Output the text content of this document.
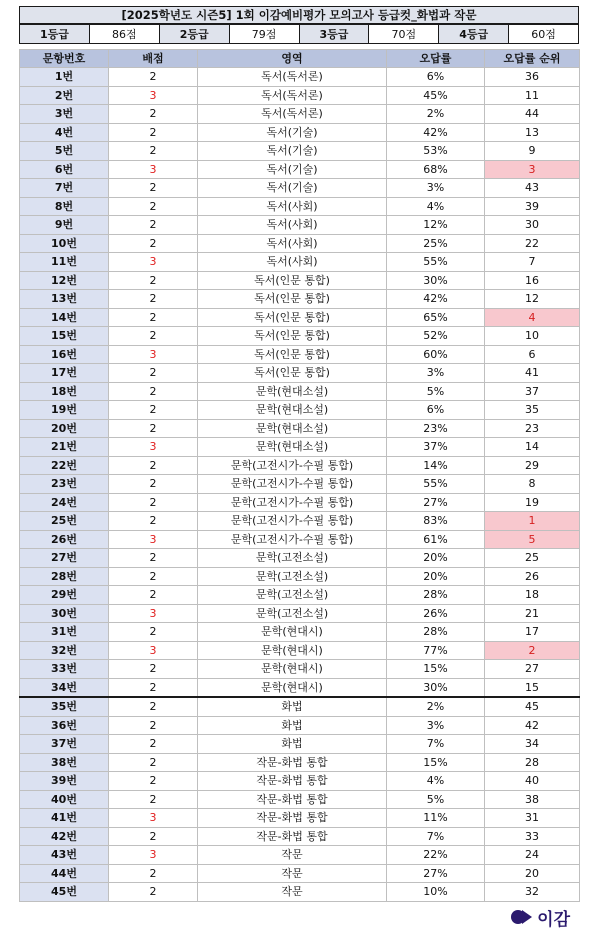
[2025학년도 시즌5] 1회 이감예비평가 모의고사 등급컷_화법과 작문
1등급	86점	2등급	79점	3등급	70점	4등급	60점
문항번호	배점	영역	오답률	오답률 순위
1번	2	독서(독서론)	6%	36
2번	3	독서(독서론)	45%	11
3번	2	독서(독서론)	2%	44
4번	2	독서(기술)	42%	13
5번	2	독서(기술)	53%	9
6번	3	독서(기술)	68%	3
7번	2	독서(기술)	3%	43
8번	2	독서(사회)	4%	39
9번	2	독서(사회)	12%	30
10번	2	독서(사회)	25%	22
11번	3	독서(사회)	55%	7
12번	2	독서(인문 통합)	30%	16
13번	2	독서(인문 통합)	42%	12
14번	2	독서(인문 통합)	65%	4
15번	2	독서(인문 통합)	52%	10
16번	3	독서(인문 통합)	60%	6
17번	2	독서(인문 통합)	3%	41
18번	2	문학(현대소설)	5%	37
19번	2	문학(현대소설)	6%	35
20번	2	문학(현대소설)	23%	23
21번	3	문학(현대소설)	37%	14
22번	2	문학(고전시가-수필 통합)	14%	29
23번	2	문학(고전시가-수필 통합)	55%	8
24번	2	문학(고전시가-수필 통합)	27%	19
25번	2	문학(고전시가-수필 통합)	83%	1
26번	3	문학(고전시가-수필 통합)	61%	5
27번	2	문학(고전소설)	20%	25
28번	2	문학(고전소설)	20%	26
29번	2	문학(고전소설)	28%	18
30번	3	문학(고전소설)	26%	21
31번	2	문학(현대시)	28%	17
32번	3	문학(현대시)	77%	2
33번	2	문학(현대시)	15%	27
34번	2	문학(현대시)	30%	15
35번	2	화법	2%	45
36번	2	화법	3%	42
37번	2	화법	7%	34
38번	2	작문-화법 통합	15%	28
39번	2	작문-화법 통합	4%	40
40번	2	작문-화법 통합	5%	38
41번	3	작문-화법 통합	11%	31
42번	2	작문-화법 통합	7%	33
43번	3	작문	22%	24
44번	2	작문	27%	20
45번	2	작문	10%	32
이감
